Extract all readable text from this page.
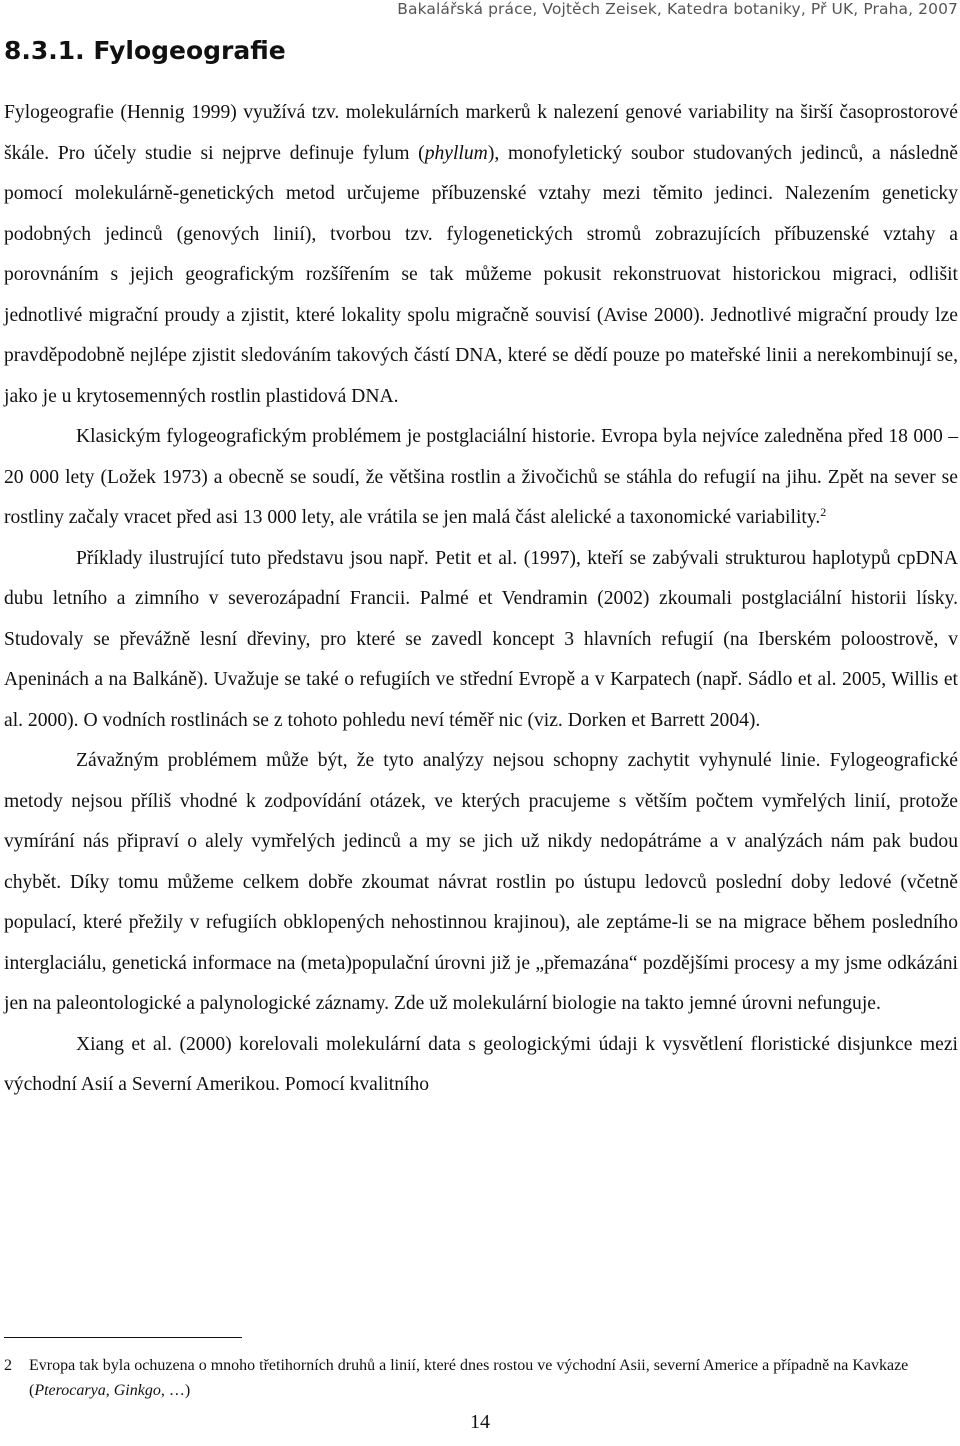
Bakalářská práce, Vojtěch Zeisek, Katedra botaniky, Př UK, Praha, 2007
8.3.1. Fylogeografie

Fylogeografie (Hennig 1999) využívá tzv. molekulárních markerů k nalezení genové variability na širší časoprostorové škále. Pro účely studie si nejprve definuje fylum (phyllum), monofyletický soubor studovaných jedinců, a následně pomocí molekulárně-genetických metod určujeme příbuzenské vztahy mezi těmito jedinci. Nalezením geneticky podobných jedinců (genových linií), tvorbou tzv. fylogenetických stromů zobrazujících příbuzenské vztahy a porovnáním s jejich geografickým rozšířením se tak můžeme pokusit rekonstruovat historickou migraci, odlišit jednotlivé migrační proudy a zjistit, které lokality spolu migračně souvisí (Avise 2000). Jednotlivé migrační proudy lze pravděpodobně nejlépe zjistit sledováním takových částí DNA, které se dědí pouze po mateřské linii a nerekombinují se, jako je u krytosemenných rostlin plastidová DNA.

Klasickým fylogeografickým problémem je postglaciální historie. Evropa byla nejvíce zaledněna před 18 000 – 20 000 lety (Ložek 1973) a obecně se soudí, že většina rostlin a živočichů se stáhla do refugií na jihu. Zpět na sever se rostliny začaly vracet před asi 13 000 lety, ale vrátila se jen malá část alelické a taxonomické variability.$^2$

Příklady ilustrující tuto představu jsou např. Petit et al. (1997), kteří se zabývali strukturou haplotypů cpDNA dubu letního a zimního v severozápadní Francii. Palmé et Vendramin (2002) zkoumali postglaciální historii lísky. Studovaly se převážně lesní dřeviny, pro které se zavedl koncept 3 hlavních refugií (na Iberském poloostrově, v Apeninách a na Balkáně). Uvažuje se také o refugiích ve střední Evropě a v Karpatech (např. Sádlo et al. 2005, Willis et al. 2000). O vodních rostlinách se z tohoto pohledu neví téměř nic (viz. Dorken et Barrett 2004).

Závažným problémem může být, že tyto analýzy nejsou schopny zachytit vyhynulé linie. Fylogeografické metody nejsou příliš vhodné k zodpovídání otázek, ve kterých pracujeme s větším počtem vymřelých linií, protože vymírání nás připraví o alely vymřelých jedinců a my se jich už nikdy nedopátráme a v analýzách nám pak budou chybět. Díky tomu můžeme celkem dobře zkoumat návrat rostlin po ústupu ledovců poslední doby ledové (včetně populací, které přežily v refugiích obklopených nehostinnou krajinou), ale zeptáme-li se na migrace během posledního interglaciálu, genetická informace na (meta)populační úrovni již je „přemazána“ pozdějšími procesy a my jsme odkázáni jen na paleontologické a palynologické záznamy. Zde už molekulární biologie na takto jemné úrovni nefunguje.

Xiang et al. (2000) korelovali molekulární data s geologickými údaji k vysvětlení floristické disjunkce mezi východní Asií a Severní Amerikou. Pomocí kvalitního

2	Evropa tak byla ochuzena o mnoho třetihorních druhů a linií, které dnes rostou ve východní Asii, severní Americe a případně na Kavkaze (Pterocarya, Ginkgo, …)
14
